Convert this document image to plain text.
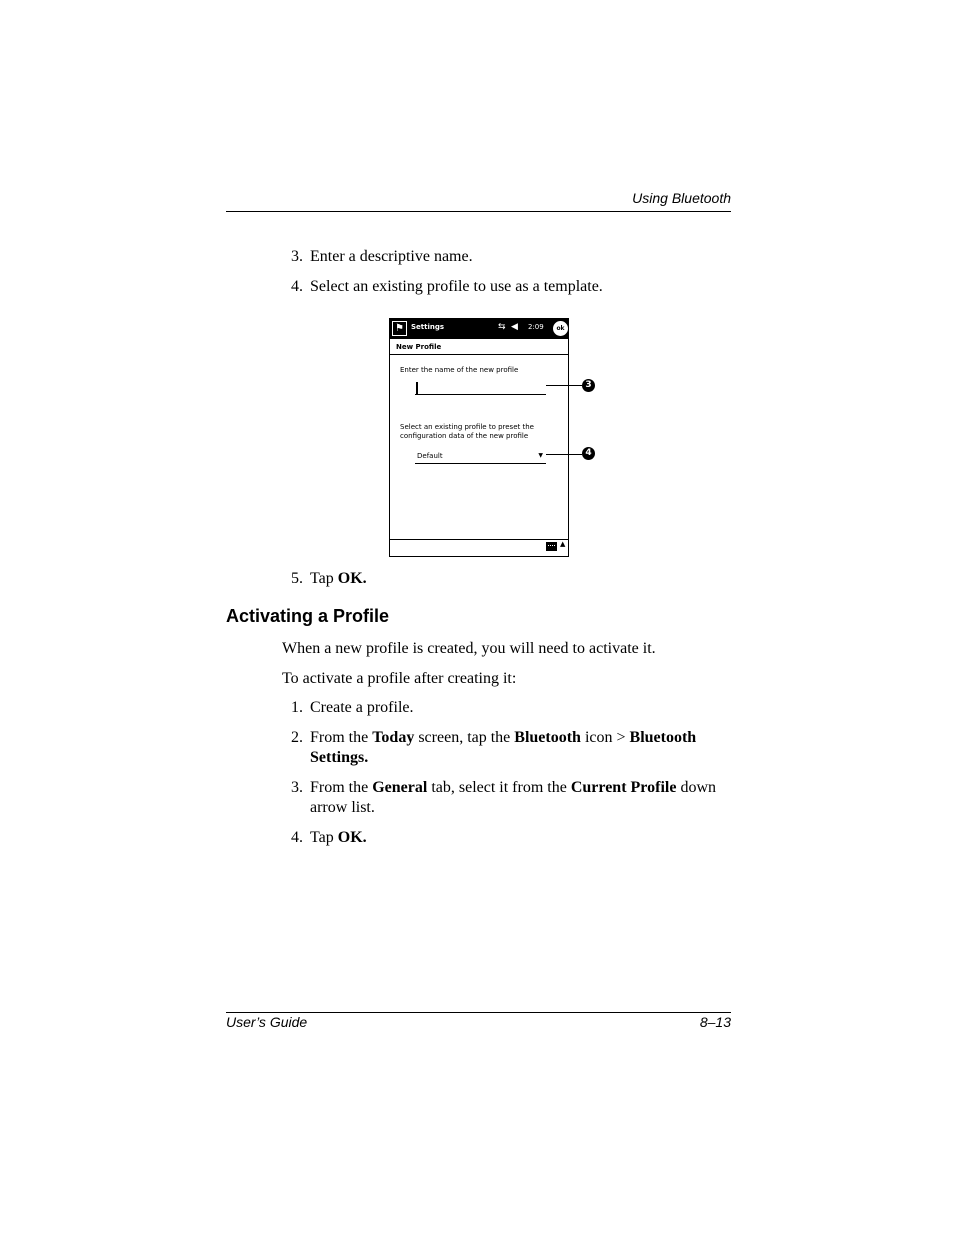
Using Bluetooth
3. Enter a descriptive name.
4. Select an existing profile to use as a template.
⚑	Settings	⇆ ◀ 2:09	ok
New Profile
Enter the name of the new profile
Select an existing profile to preset the
configuration data of the new profile
Default	▼
▲
3
4
5. Tap OK.
Activating a Profile
When a new profile is created, you will need to activate it.
To activate a profile after creating it:
1. Create a profile.
2. From the Today screen, tap the Bluetooth icon > Bluetooth Settings.
3. From the General tab, select it from the Current Profile down arrow list.
4. Tap OK.
User’s Guide	8–13
